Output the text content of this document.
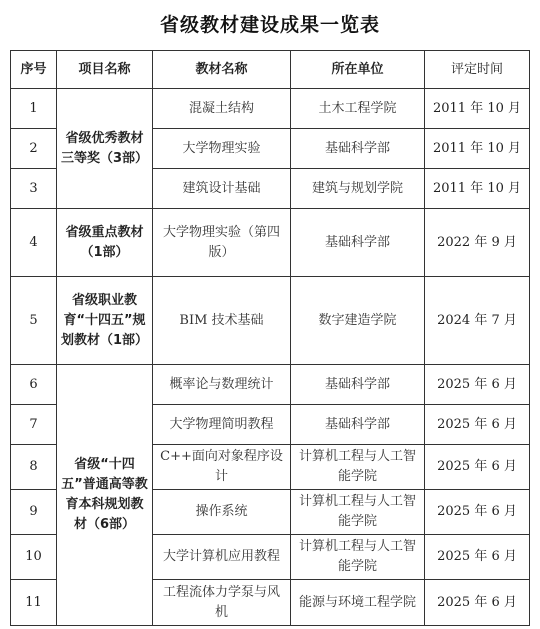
省级教材建设成果一览表
序号	项目名称	教材名称	所在单位	评定时间
1	省级优秀教材三等奖（3部）	混凝土结构	土木工程学院	2011 年 10 月
2		大学物理实验	基础科学部	2011 年 10 月
3		建筑设计基础	建筑与规划学院	2011 年 10 月
4	省级重点教材（1部）	大学物理实验（第四版）	基础科学部	2022 年 9 月
5	省级职业教育“十四五”规划教材（1部）	BIM 技术基础	数字建造学院	2024 年 7 月
6	省级“十四五”普通高等教育本科规划教材（6部）	概率论与数理统计	基础科学部	2025 年 6 月
7		大学物理简明教程	基础科学部	2025 年 6 月
8		C++面向对象程序设计	计算机工程与人工智能学院	2025 年 6 月
9		操作系统	计算机工程与人工智能学院	2025 年 6 月
10		大学计算机应用教程	计算机工程与人工智能学院	2025 年 6 月
11		工程流体力学泵与风机	能源与环境工程学院	2025 年 6 月
